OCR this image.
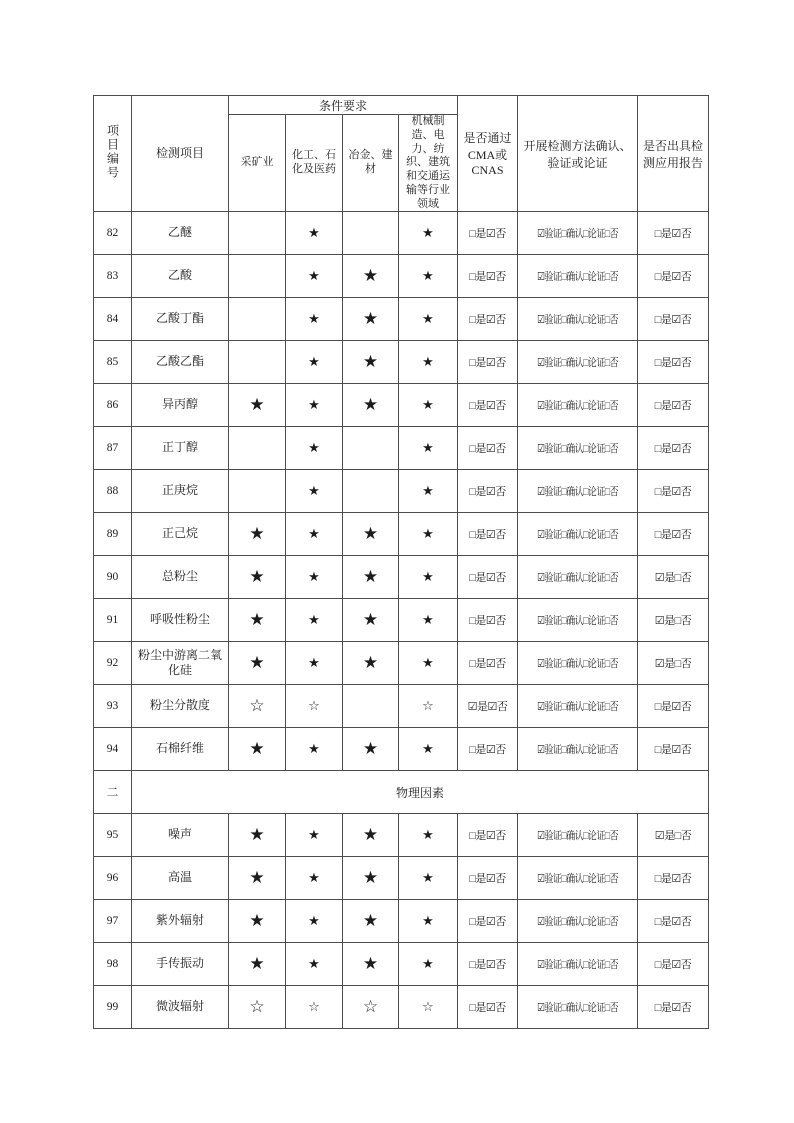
项目编号	检测项目	条件要求				是否通过CMA或CNAS	开展检测方法确认、验证或论证	是否出具检测应用报告
		采矿业	化工、石化及医药	冶金、建材	机械制造、电力、纺织、建筑和交通运输等行业领域			
82	乙醚		★		★	□是☑否	☑验证□确认□论证□否	□是☑否
83	乙酸		★	★	★	□是☑否	☑验证□确认□论证□否	□是☑否
84	乙酸丁酯		★	★	★	□是☑否	☑验证□确认□论证□否	□是☑否
85	乙酸乙酯		★	★	★	□是☑否	☑验证□确认□论证□否	□是☑否
86	异丙醇	★	★	★	★	□是☑否	☑验证□确认□论证□否	□是☑否
87	正丁醇		★		★	□是☑否	☑验证□确认□论证□否	□是☑否
88	正庚烷		★		★	□是☑否	☑验证□确认□论证□否	□是☑否
89	正己烷	★	★	★	★	□是☑否	☑验证□确认□论证□否	□是☑否
90	总粉尘	★	★	★	★	□是☑否	☑验证□确认□论证□否	☑是□否
91	呼吸性粉尘	★	★	★	★	□是☑否	☑验证□确认□论证□否	☑是□否
92	粉尘中游离二氧化硅	★	★	★	★	□是☑否	☑验证□确认□论证□否	☑是□否
93	粉尘分散度	☆	☆		☆	☑是☑否	☑验证□确认□论证□否	□是☑否
94	石棉纤维	★	★	★	★	□是☑否	☑验证□确认□论证□否	□是☑否
二	物理因素							
95	噪声	★	★	★	★	□是☑否	☑验证□确认□论证□否	☑是□否
96	高温	★	★	★	★	□是☑否	☑验证□确认□论证□否	□是☑否
97	紫外辐射	★	★	★	★	□是☑否	☑验证□确认□论证□否	□是☑否
98	手传振动	★	★	★	★	□是☑否	☑验证□确认□论证□否	□是☑否
99	微波辐射	☆	☆	☆	☆	□是☑否	☑验证□确认□论证□否	□是☑否
